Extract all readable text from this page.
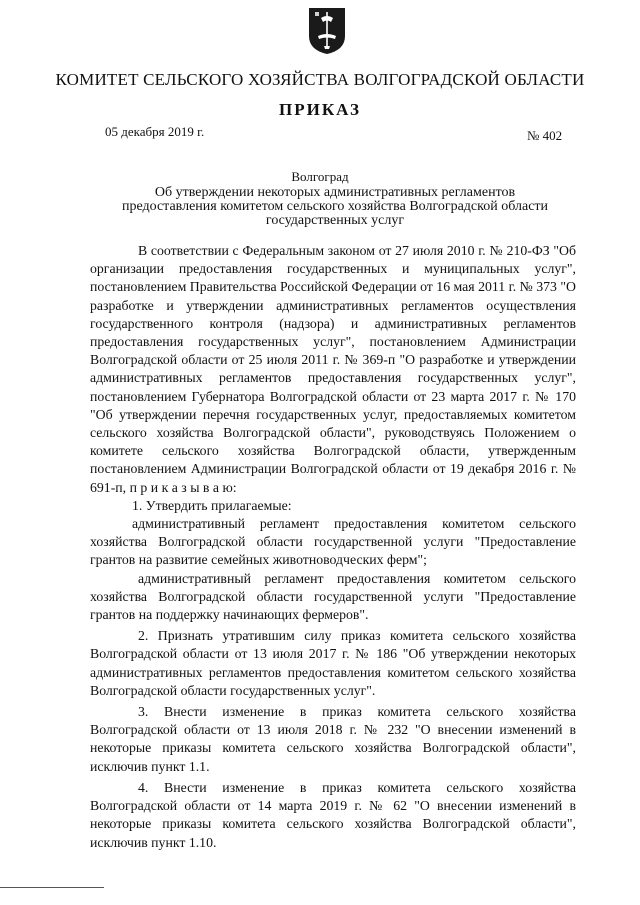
КОМИТЕТ СЕЛЬСКОГО ХОЗЯЙСТВА ВОЛГОГРАДСКОЙ ОБЛАСТИ
ПРИКАЗ
05 декабря 2019 г.	№ 402
Волгоград
Об утверждении некоторых административных регламентов
предоставления комитетом сельского хозяйства Волгоградской области
государственных услуг

В соответствии с Федеральным законом от 27 июля 2010 г. № 210-ФЗ "Об организации предоставления государственных и муниципальных услуг", постановлением Правительства Российской Федерации от 16 мая 2011 г. № 373 "О разработке и утверждении административных регламентов осуществления государственного контроля (надзора) и административных регламентов предоставления государственных услуг", постановлением Администрации Волгоградской области от 25 июля 2011 г. № 369-п "О разработке и утверждении административных регламентов предоставления государственных услуг", постановлением Губернатора Волгоградской области от 23 марта 2017 г. № 170 "Об утверждении перечня государственных услуг, предоставляемых комитетом сельского хозяйства Волгоградской области", руководствуясь Положением о комитете сельского хозяйства Волгоградской области, утвержденным постановлением Администрации Волгоградской области от 19 декабря 2016 г. № 691-п, п р и к а з ы в а ю:

1. Утвердить прилагаемые:

административный регламент предоставления комитетом сельского хозяйства Волгоградской области государственной услуги "Предоставление грантов на развитие семейных животноводческих ферм";

административный регламент предоставления комитетом сельского хозяйства Волгоградской области государственной услуги "Предоставление грантов на поддержку начинающих фермеров".

2. Признать утратившим силу приказ комитета сельского хозяйства Волгоградской области от 13 июля 2017 г. № 186 "Об утверждении некоторых административных регламентов предоставления комитетом сельского хозяйства Волгоградской области государственных услуг".

3. Внести изменение в приказ комитета сельского хозяйства Волгоградской области от 13 июля 2018 г. № 232 "О внесении изменений в некоторые приказы комитета сельского хозяйства Волгоградской области", исключив пункт 1.1.

4. Внести изменение в приказ комитета сельского хозяйства Волгоградской области от 14 марта 2019 г. № 62 "О внесении изменений в некоторые приказы комитета сельского хозяйства Волгоградской области", исключив пункт 1.10.
